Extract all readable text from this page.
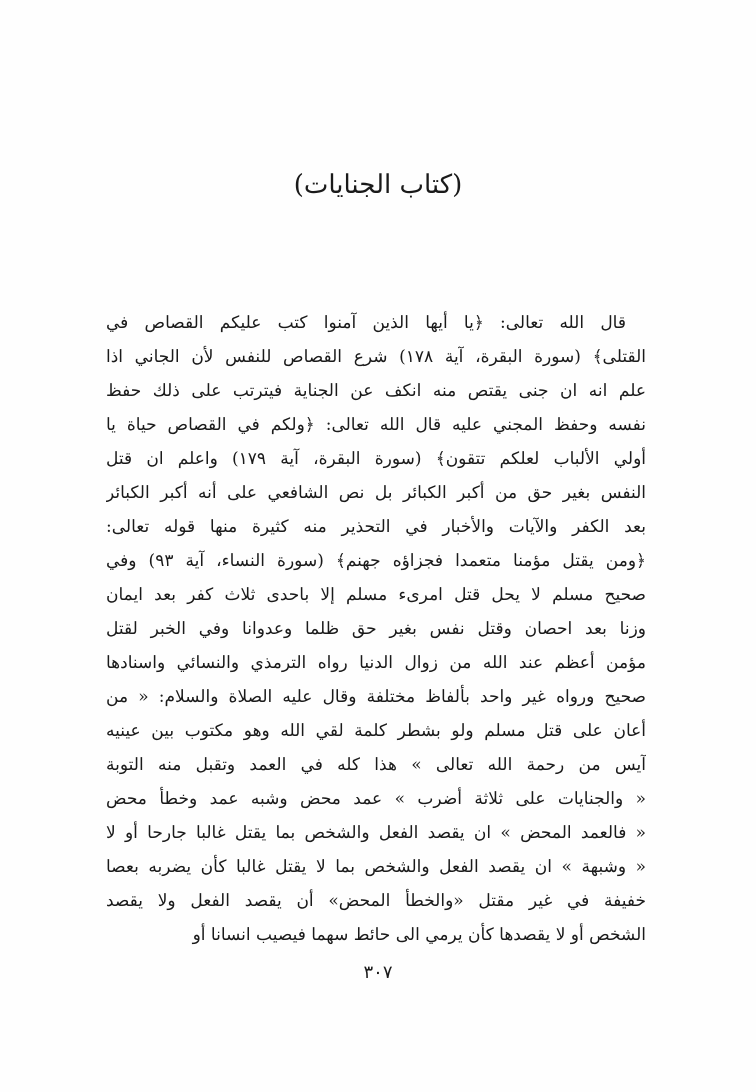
(كتاب الجنايات)
قال الله تعالى: ﴿يا أيها الذين آمنوا كتب عليكم القصاص في
القتلى﴾ (سورة البقرة، آية ١٧٨) شرع القصاص للنفس لأن الجاني اذا
علم انه ان جنى يقتص منه انكف عن الجناية فيترتب على ذلك حفظ
نفسه وحفظ المجني عليه قال الله تعالى: ﴿ولكم في القصاص حياة يا
أولي الألباب لعلكم تتقون﴾ (سورة البقرة، آية ١٧٩) واعلم ان قتل
النفس بغير حق من أكبر الكبائر بل نص الشافعي على أنه أكبر الكبائر
بعد الكفر والآيات والأخبار في التحذير منه كثيرة منها قوله تعالى:
﴿ومن يقتل مؤمنا متعمدا فجزاؤه جهنم﴾ (سورة النساء، آية ٩٣) وفي
صحيح مسلم لا يحل قتل امرىء مسلم إلا باحدى ثلاث كفر بعد ايمان
وزنا بعد احصان وقتل نفس بغير حق ظلما وعدوانا وفي الخبر لقتل
مؤمن أعظم عند الله من زوال الدنيا رواه الترمذي والنسائي واسنادها
صحيح ورواه غير واحد بألفاظ مختلفة وقال عليه الصلاة والسلام: « من
أعان على قتل مسلم ولو بشطر كلمة لقي الله وهو مكتوب بين عينيه
آيس من رحمة الله تعالى » هذا كله في العمد وتقبل منه التوبة
« والجنايات على ثلاثة أضرب » عمد محض وشبه عمد وخطأ محض
« فالعمد المحض » ان يقصد الفعل والشخص بما يقتل غالبا جارحا أو لا
« وشبهة » ان يقصد الفعل والشخص بما لا يقتل غالبا كأن يضربه بعصا
خفيفة في غير مقتل «والخطأ المحض» أن يقصد الفعل ولا يقصد
الشخص أو لا يقصدها كأن يرمي الى حائط سهما فيصيب انسانا أو
٣٠٧
